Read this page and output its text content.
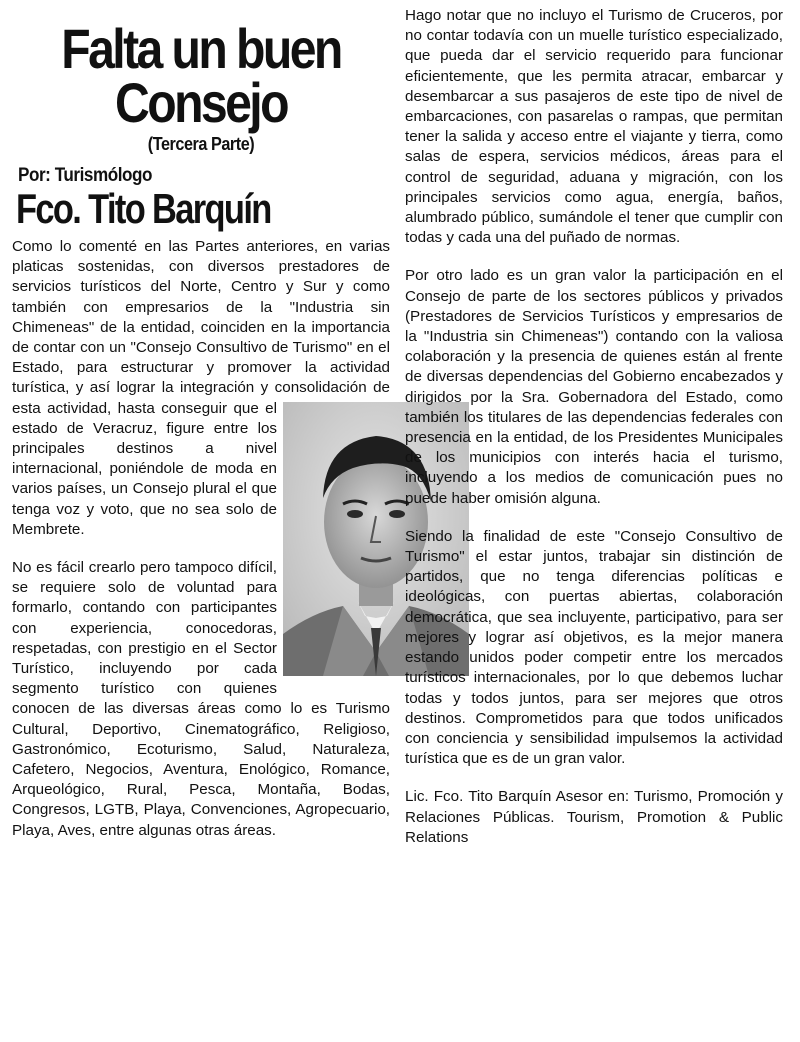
Falta un buen
Consejo
(Tercera Parte)
Por: Turismólogo
Fco. Tito Barquín

Como lo comenté en las Partes anteriores, en varias platicas sostenidas, con diversos prestadores de servicios turísticos del Norte, Centro y Sur y como también con empresarios de la "Industria sin Chimeneas" de la entidad, coinciden en la importancia de contar con un "Consejo Consultivo de Turismo" en el Estado, para estructurar y promover la actividad turística, y así lograr la integración y consolidación de esta actividad, hasta conseguir que el estado de Veracruz, figure entre los principales destinos a nivel internacional, poniéndole de moda en varios países, un Consejo plural el que tenga voz y voto, que no sea solo de Membrete.

No es fácil crearlo pero tampoco difícil, se requiere solo de voluntad para formarlo, contando con participantes con experiencia, conocedoras, respetadas, con prestigio en el Sector Turístico, incluyendo por cada segmento turístico con quienes conocen de las diversas áreas como lo es Turismo Cultural, Deportivo, Cinematográfico, Religioso, Gastronómico, Ecoturismo, Salud, Naturaleza, Cafetero, Negocios, Aventura, Enológico, Romance, Arqueológico, Rural, Pesca, Montaña, Bodas, Congresos, LGTB, Playa, Convenciones, Agropecuario, Playa, Aves, entre algunas otras áreas.

Hago notar que no incluyo el Turismo de Cruceros, por no contar todavía con un muelle turístico especializado, que pueda dar el servicio requerido para funcionar eficientemente, que les permita atracar, embarcar y desembarcar a sus pasajeros de este tipo de nivel de embarcaciones, con pasarelas o rampas, que permitan tener la salida y acceso entre el viajante y tierra, como salas de espera, servicios médicos, áreas para el control de seguridad, aduana y migración, con los principales servicios como agua, energía, baños, alumbrado público, sumándole el tener que cumplir con todas y cada una del puñado de normas.

Por otro lado es un gran valor la participación en el Consejo de parte de los sectores públicos y privados (Prestadores de Servicios Turísticos y empresarios de la "Industria sin Chimeneas") contando con la valiosa colaboración y la presencia de quienes están al frente de diversas dependencias del Gobierno encabezados y dirigidos por la Sra. Gobernadora del Estado, como también los titulares de las dependencias federales con presencia en la entidad, de los Presidentes Municipales de los municipios con interés hacia el turismo, incluyendo a los medios de comunicación pues no puede haber omisión alguna.

Siendo la finalidad de este "Consejo Consultivo de Turismo" el estar juntos, trabajar sin distinción de partidos, que no tenga diferencias políticas e ideológicas, con puertas abiertas, colaboración democrática, que sea incluyente, participativo, para ser mejores y lograr así objetivos, es la mejor manera estando unidos poder competir entre los mercados turísticos internacionales, por lo que debemos luchar todas y todos juntos, para ser mejores que otros destinos. Comprometidos para que todos unificados con conciencia y sensibilidad impulsemos la actividad turística que es de un gran valor.

Lic. Fco. Tito Barquín Asesor en: Turismo, Promoción y Relaciones Públicas. Tourism, Promotion & Public Relations
